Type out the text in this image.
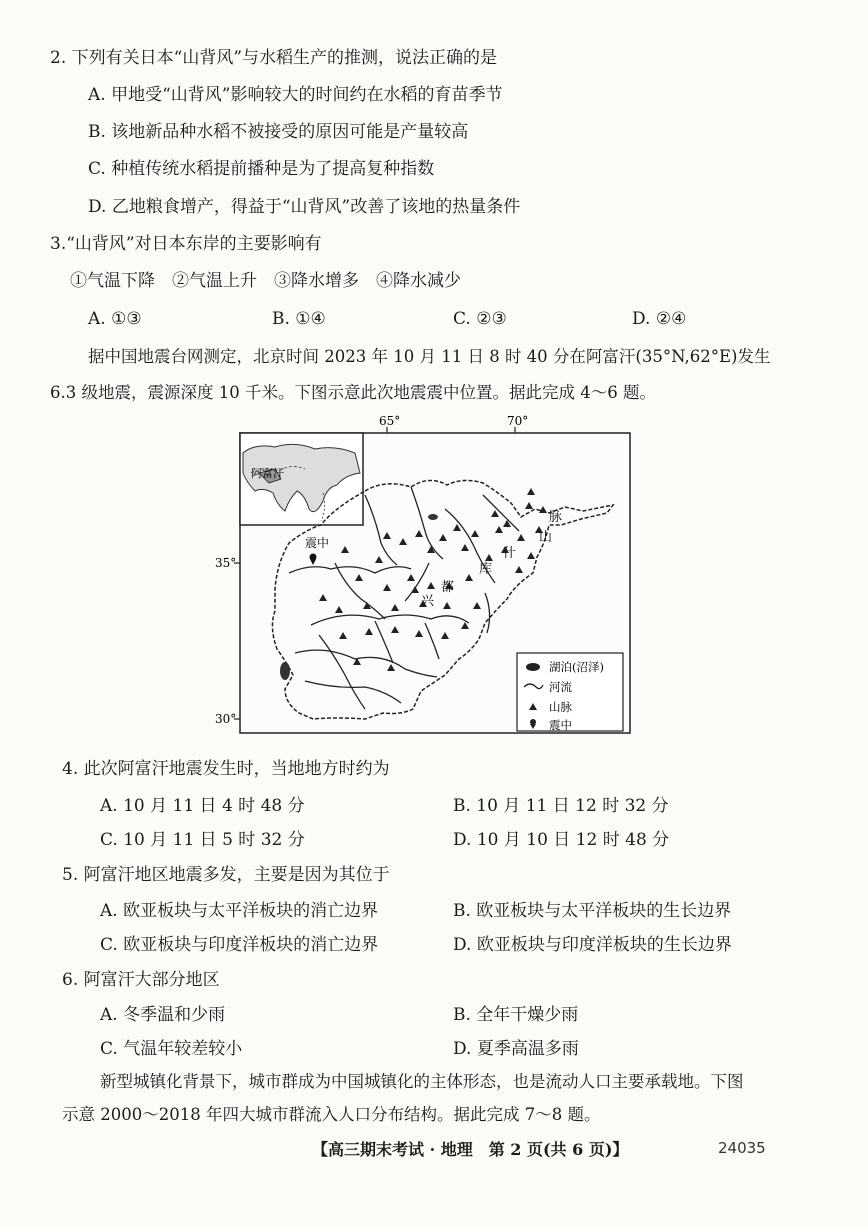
2. 下列有关日本“山背风”与水稻生产的推测，说法正确的是
A. 甲地受“山背风”影响较大的时间约在水稻的育苗季节
B. 该地新品种水稻不被接受的原因可能是产量较高
C. 种植传统水稻提前播种是为了提高复种指数
D. 乙地粮食增产，得益于“山背风”改善了该地的热量条件
3.“山背风”对日本东岸的主要影响有
①气温下降　②气温上升　③降水增多　④降水减少
A. ①③	B. ①④	C. ②③	D. ②④
据中国地震台网测定，北京时间 2023 年 10 月 11 日 8 时 40 分在阿富汗(35°N,62°E)发生
6.3 级地震，震源深度 10 千米。下图示意此次地震震中位置。据此完成 4～6 题。
65°	70°
35°
30°
阿富汗
兴
都
库
什
山
脉
震中
湖泊(沼泽)
河流
山脉
震中
4. 此次阿富汗地震发生时，当地地方时约为
A. 10 月 11 日 4 时 48 分	B. 10 月 11 日 12 时 32 分
C. 10 月 11 日 5 时 32 分	D. 10 月 10 日 12 时 48 分
5. 阿富汗地区地震多发，主要是因为其位于
A. 欧亚板块与太平洋板块的消亡边界	B. 欧亚板块与太平洋板块的生长边界
C. 欧亚板块与印度洋板块的消亡边界	D. 欧亚板块与印度洋板块的生长边界
6. 阿富汗大部分地区
A. 冬季温和少雨	B. 全年干燥少雨
C. 气温年较差较小	D. 夏季高温多雨
新型城镇化背景下，城市群成为中国城镇化的主体形态，也是流动人口主要承载地。下图
示意 2000～2018 年四大城市群流入人口分布结构。据此完成 7～8 题。
【高三期末考试 · 地理　第 2 页(共 6 页)】	24035
